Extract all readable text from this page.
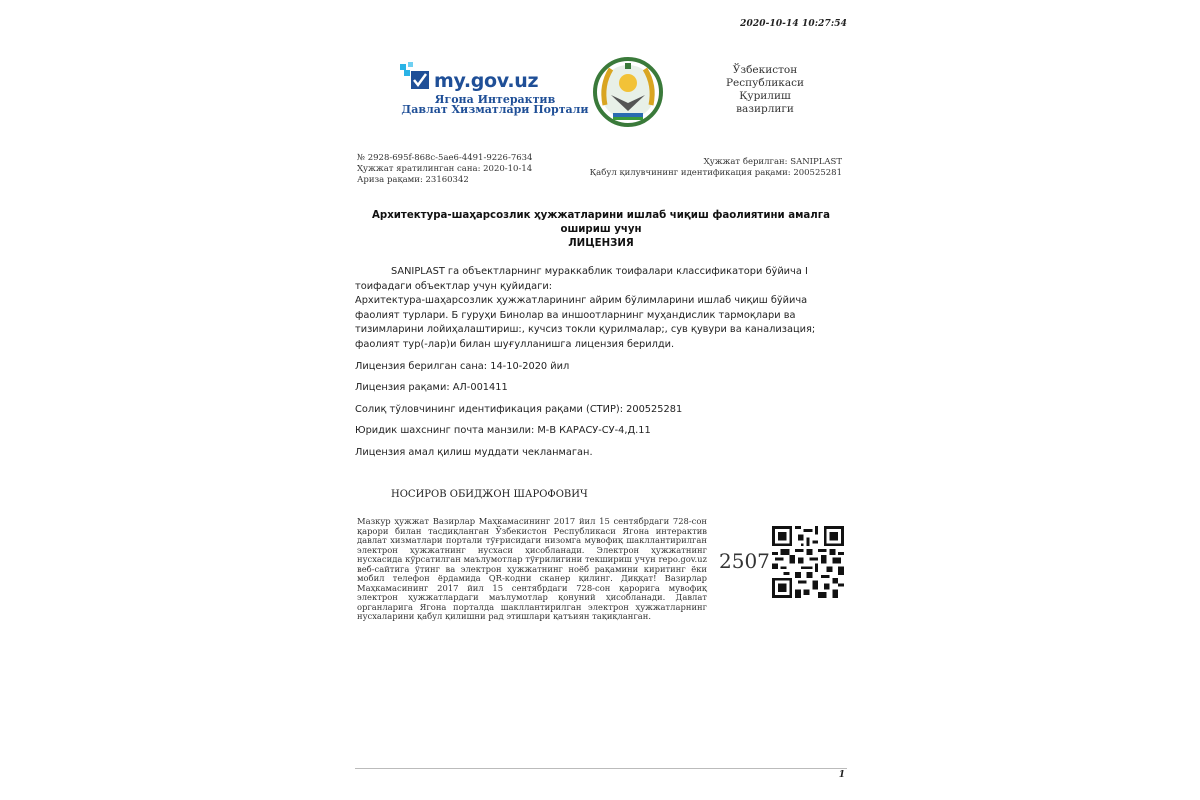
2020-10-14 10:27:54
my.gov.uz
Ягона Интерактив
Давлат Хизматлари Портали
Ўзбекистон
Республикаси
Қурилиш вазирлиги
№ 2928-695f-868c-5ae6-4491-9226-7634
Ҳужжат яратилинган сана: 2020-10-14
Ариза рақами: 23160342
Ҳужжат берилган: SANIPLAST
Қабул қилувчининг идентификация рақами: 200525281
Архитектура-шаҳарсозлик ҳужжатларини ишлаб чиқиш фаолиятини амалга ошириш учун
ЛИЦЕНЗИЯ

SANIPLAST га объектларнинг мураккаблик тоифалари классификатори бўйича I тоифадаги объектлар учун қуйидаги:

Архитектура-шаҳарсозлик ҳужжатларининг айрим бўлимларини ишлаб чиқиш бўйича фаолият турлари. Б гуруҳи Бинолар ва иншоотларнинг муҳандислик тармоқлари ва тизимларини лойиҳалаштириш:, кучсиз токли қурилмалар;, сув қувури ва канализация; фаолият тур(-лар)и билан шуғулланишга лицензия берилди.

Лицензия берилган сана: 14-10-2020 йил

Лицензия рақами: АЛ-001411

Солиқ тўловчининг идентификация рақами (СТИР): 200525281

Юридик шахснинг почта манзили: М-В КАРАСУ-СУ-4,Д.11

Лицензия амал қилиш муддати чекланмаган.

НОСИРОВ ОБИДЖОН ШАРОФОВИЧ
Мазкур ҳужжат Вазирлар Маҳкамасининг 2017 йил 15 сентябрдаги 728-сон қарори билан тасдиқланган Ўзбекистон Республикаси Ягона интерактив давлат хизматлари портали тўғрисидаги низомга мувофиқ шакллантирилган электрон ҳужжатнинг нусхаси ҳисобланади. Электрон ҳужжатнинг нусхасида кўрсатилган маълумотлар тўғрилигини текшириш учун repo.gov.uz веб-сайтига ўтинг ва электрон ҳужжатнинг ноёб рақамини киритинг ёки мобил телефон ёрдамида QR-кодни сканер қилинг. Диққат! Вазирлар Маҳкамасининг 2017 йил 15 сентябрдаги 728-сон қарорига мувофиқ электрон ҳужжатлардаги маълумотлар қонуний ҳисобланади. Давлат органларига Ягона порталда шакллантирилган электрон ҳужжатларнинг нусхаларини қабул қилишни рад этишлари қатъиян тақиқланган.
2507
1
